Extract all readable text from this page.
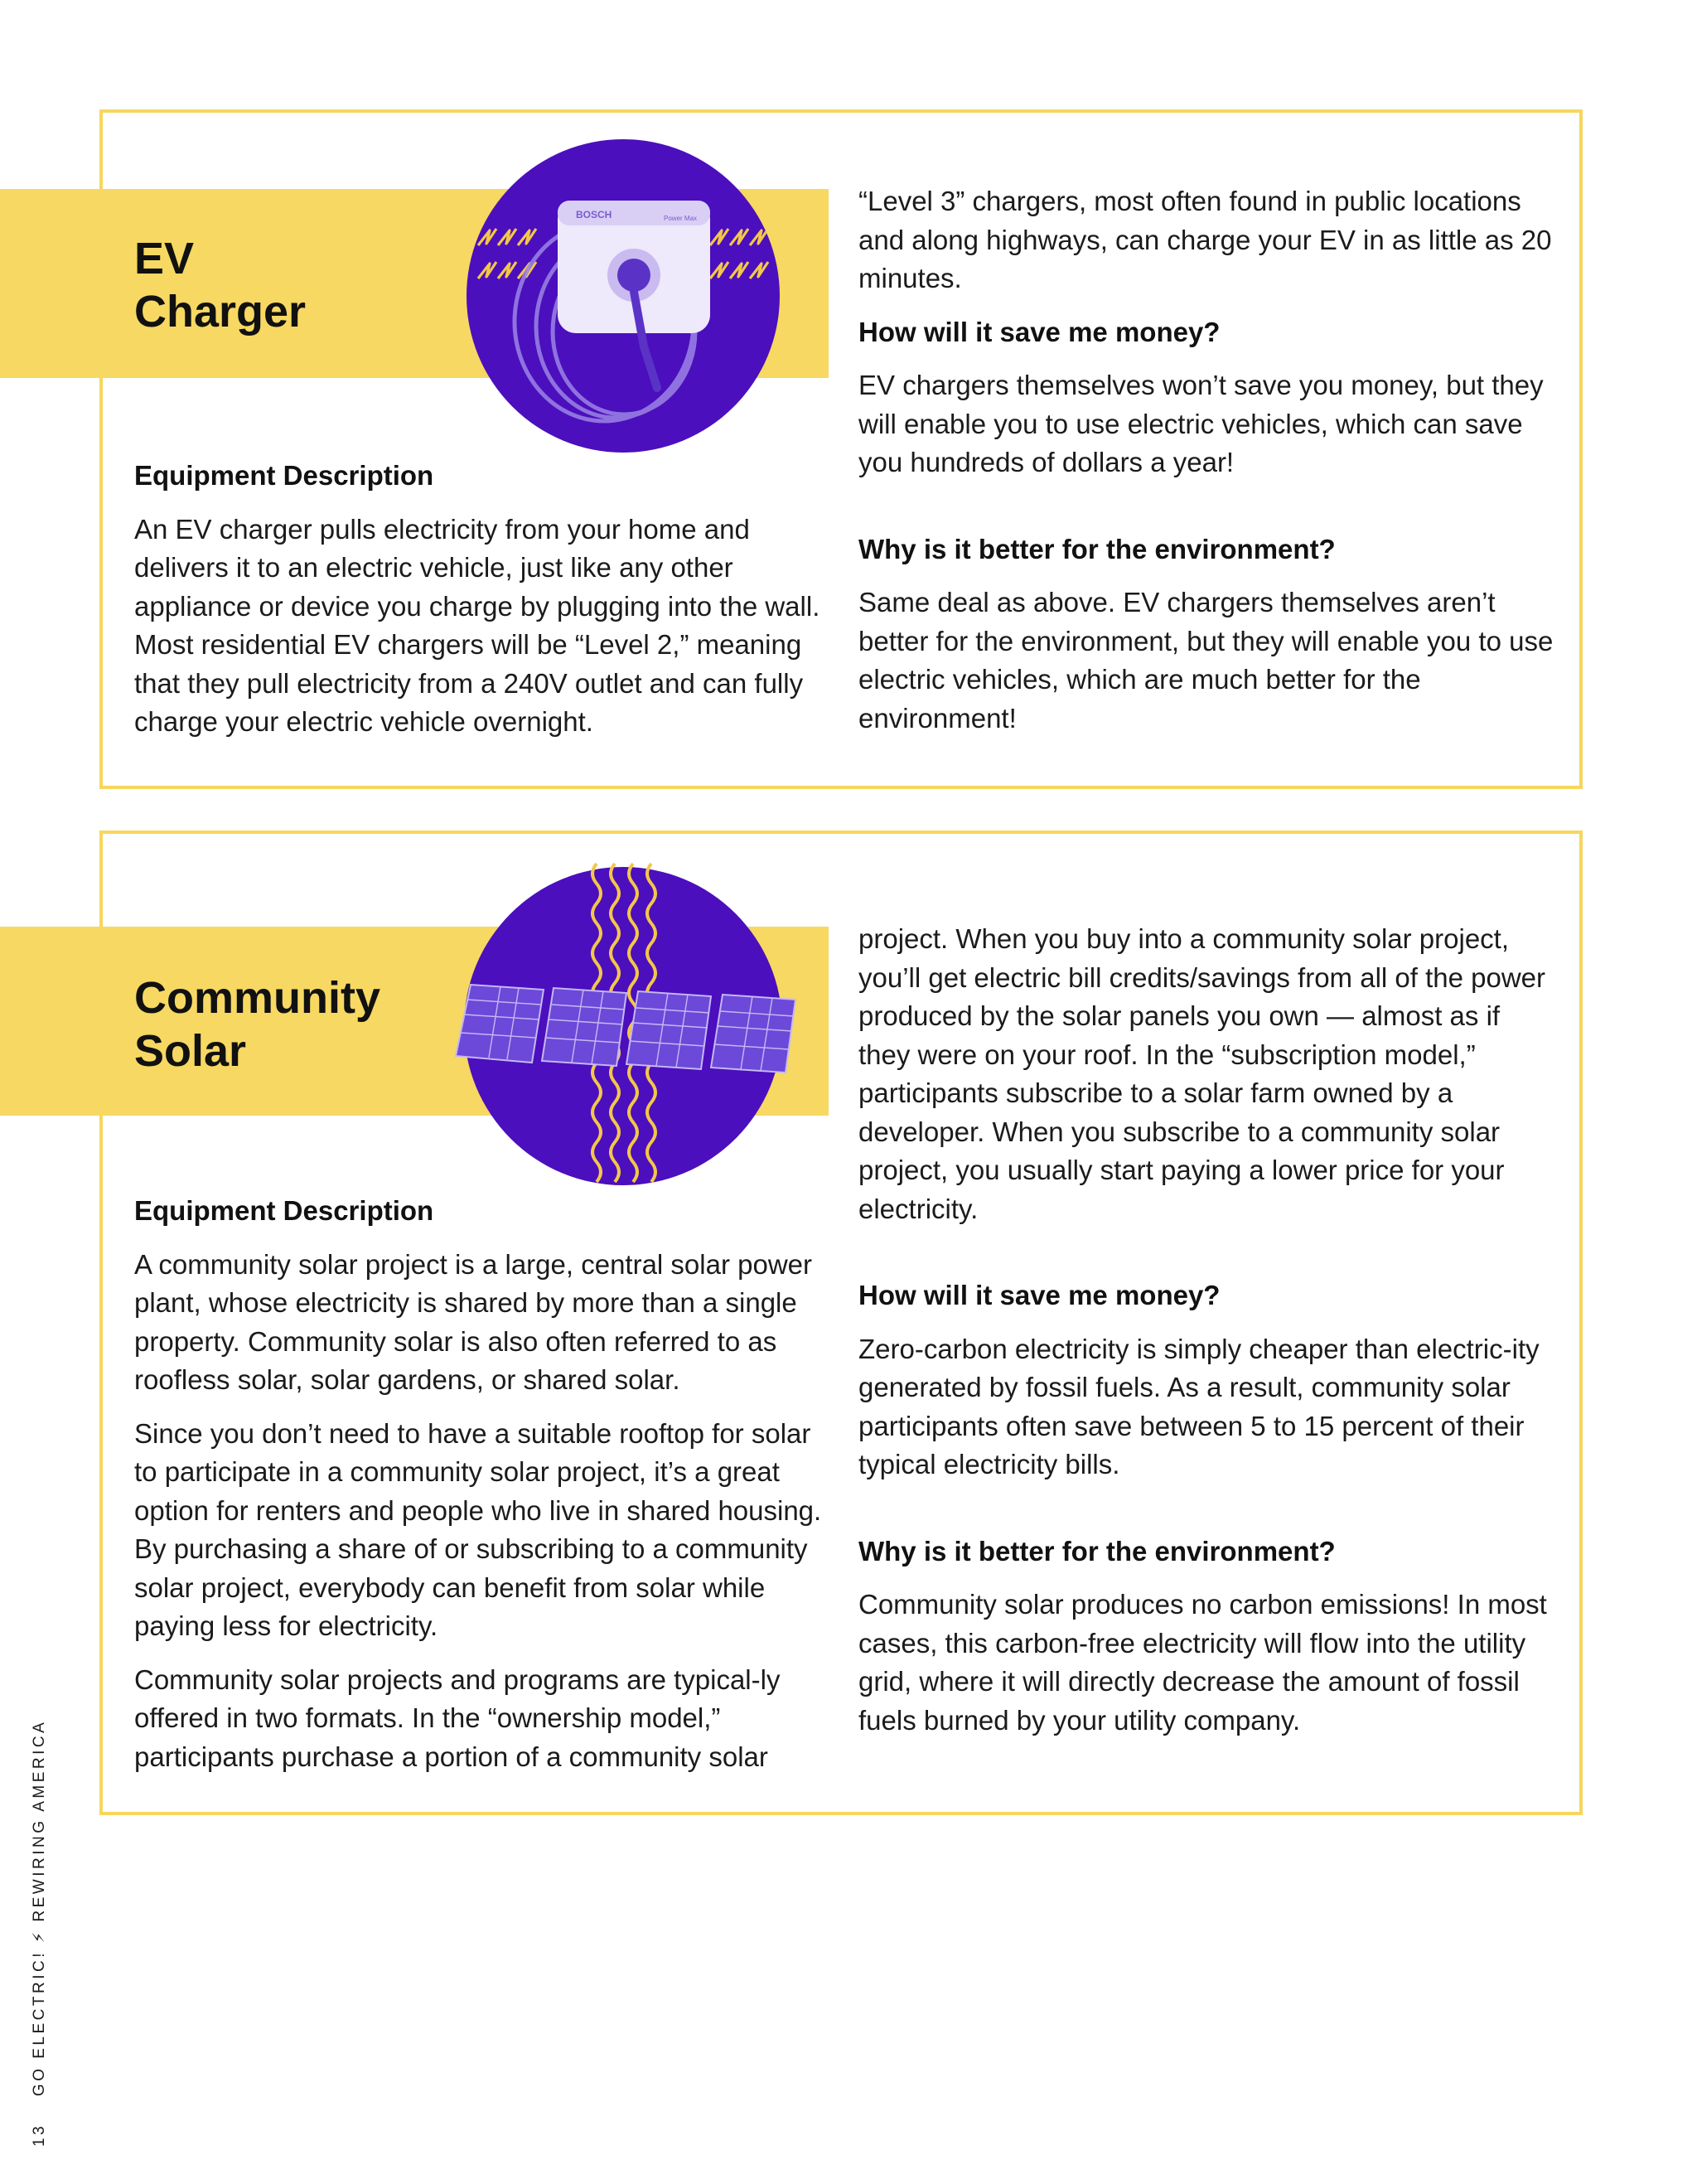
EV
Charger
BOSCH	Power Max
Equipment Description

An EV charger pulls electricity from your home and delivers it to an electric vehicle, just like any other appliance or device you charge by plugging into the wall. Most residential EV chargers will be “Level 2,” meaning that they pull electricity from a 240V outlet and can fully charge your electric vehicle overnight.

“Level 3” chargers, most often found in public locations and along highways, can charge your EV in as little as 20 minutes.

How will it save me money?

EV chargers themselves won’t save you money, but they will enable you to use electric vehicles, which can save you hundreds of dollars a year!

Why is it better for the environment?

Same deal as above. EV chargers themselves aren’t better for the environment, but they will enable you to use electric vehicles, which are much better for the environment!

Community
Solar
Equipment Description

A community solar project is a large, central solar power plant, whose electricity is shared by more than a single property. Community solar is also often referred to as roofless solar, solar gardens, or shared solar.

Since you don’t need to have a suitable rooftop for solar to participate in a community solar project, it’s a great option for renters and people who live in shared housing. By purchasing a share of or subscribing to a community solar project, everybody can benefit from solar while paying less for electricity.

Community solar projects and programs are typical-ly offered in two formats. In the “ownership model,” participants purchase a portion of a community solar

project. When you buy into a community solar project, you’ll get electric bill credits/savings from all of the power produced by the solar panels you own — almost as if they were on your roof. In the “subscription model,” participants subscribe to a solar farm owned by a developer. When you subscribe to a community solar project, you usually start paying a lower price for your electricity.

How will it save me money?

Zero-carbon electricity is simply cheaper than electric-ity generated by fossil fuels. As a result, community solar participants often save between 5 to 15 percent of their typical electricity bills.

Why is it better for the environment?

Community solar produces no carbon emissions! In most cases, this carbon-free electricity will flow into the utility grid, where it will directly decrease the amount of fossil fuels burned by your utility company.

13 GO ELECTRIC! ⚡ REWIRING AMERICA
